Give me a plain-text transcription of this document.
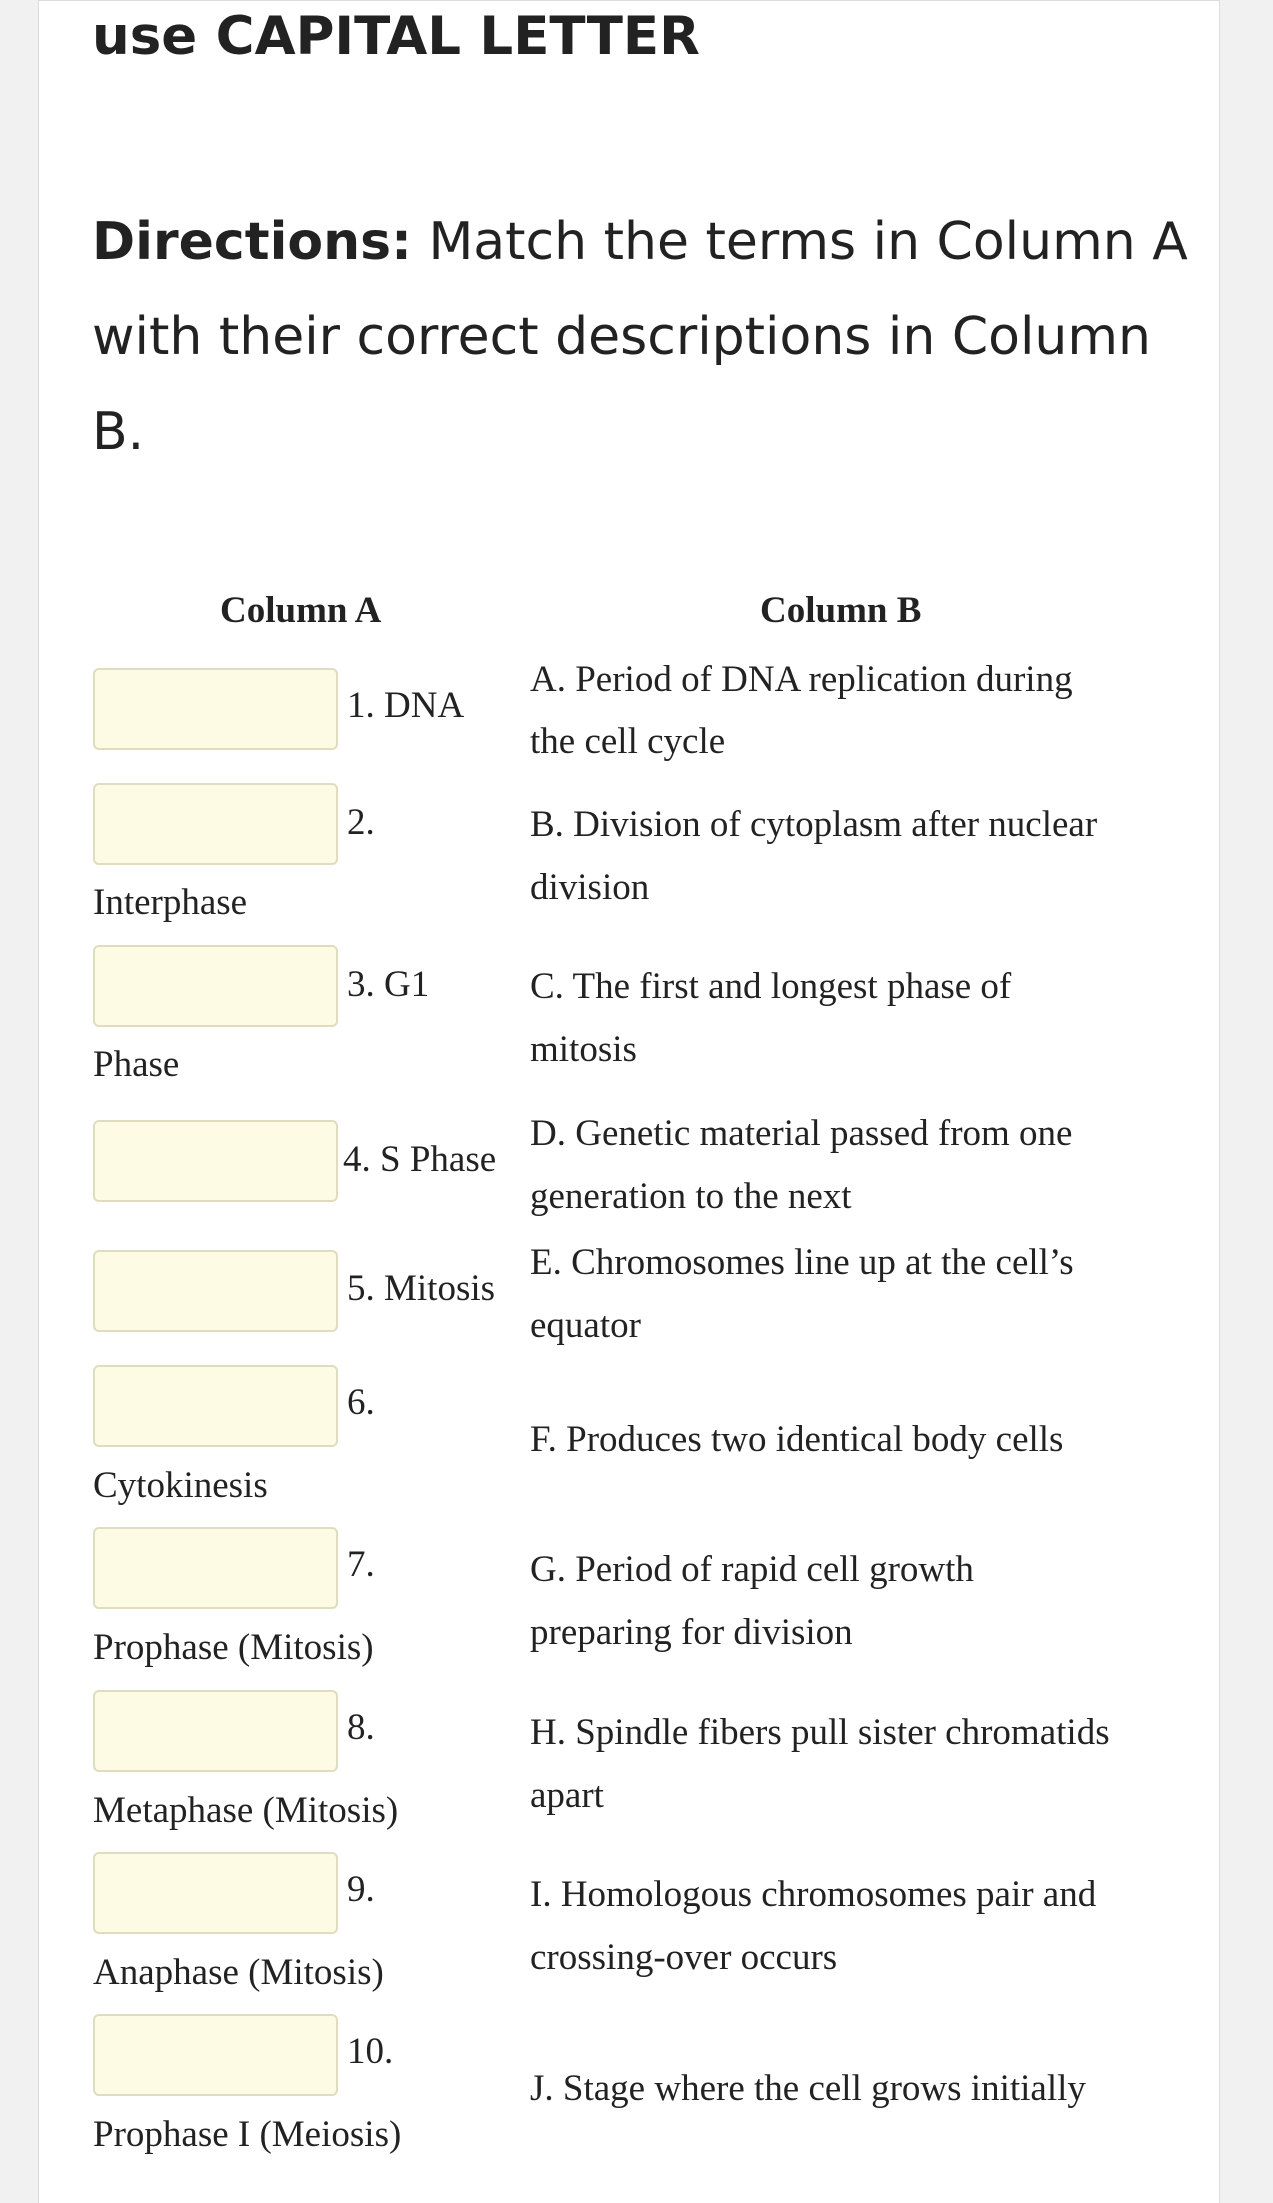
use CAPITAL LETTER
Directions: Match the terms in Column A
with their correct descriptions in Column
B.
Column A	Column B
1. DNA
A. Period of DNA replication during
the cell cycle
2.
Interphase
B. Division of cytoplasm after nuclear
division
3. G1
Phase
C. The first and longest phase of
mitosis
4. S Phase
D. Genetic material passed from one
generation to the next
5. Mitosis
E. Chromosomes line up at the cell’s
equator
6.
Cytokinesis
F. Produces two identical body cells
7.
Prophase (Mitosis)
G. Period of rapid cell growth
preparing for division
8.
Metaphase (Mitosis)
H. Spindle fibers pull sister chromatids
apart
9.
Anaphase (Mitosis)
I. Homologous chromosomes pair and
crossing-over occurs
10.
Prophase I (Meiosis)
J. Stage where the cell grows initially
